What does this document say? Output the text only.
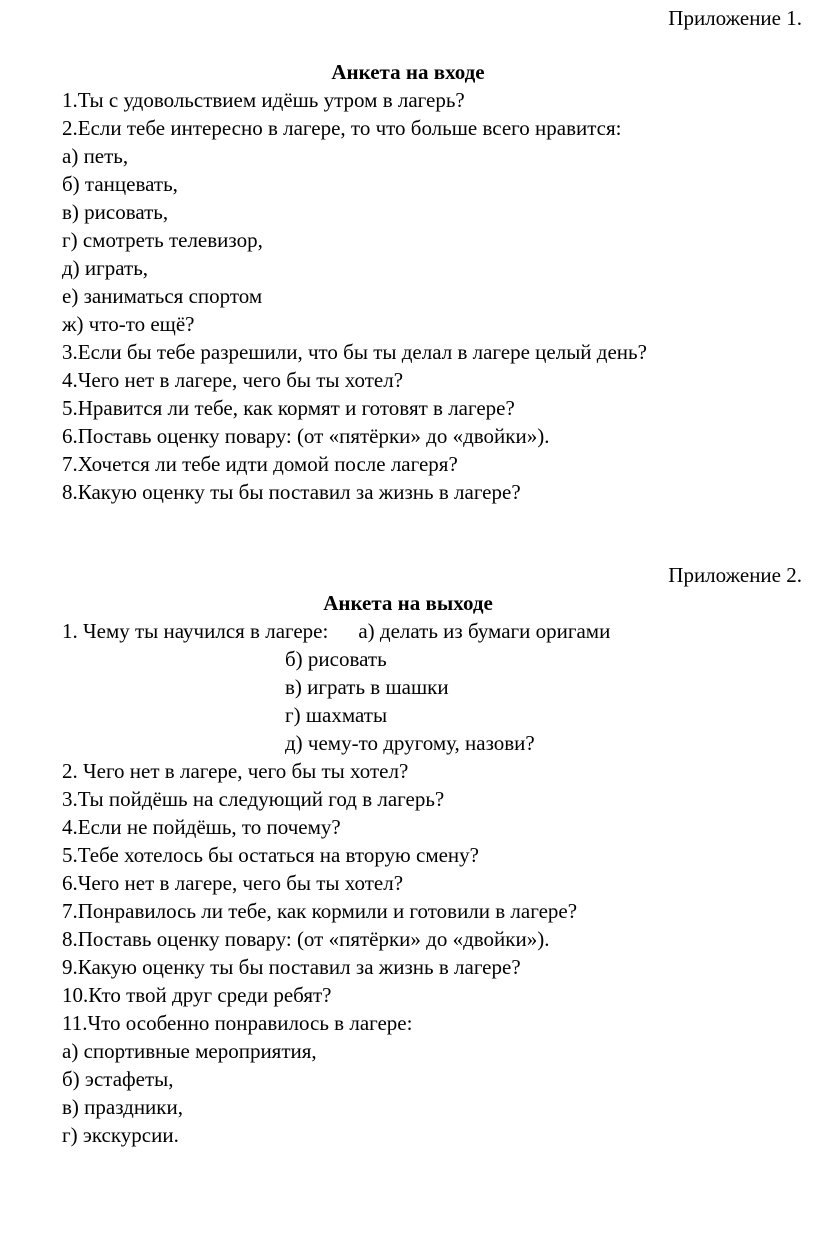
Приложение 1.
Анкета на входе
1.Ты с удовольствием идёшь утром в лагерь?
2.Если тебе интересно в лагере, то что больше всего нравится:
а) петь,
б) танцевать,
в) рисовать,
г) смотреть телевизор,
д) играть,
е) заниматься спортом
ж) что-то ещё?
3.Если бы тебе разрешили, что бы ты делал в лагере целый день?
4.Чего нет в лагере, чего бы ты хотел?
5.Нравится ли тебе, как кормят и готовят в лагере?
6.Поставь оценку повару: (от «пятёрки» до «двойки»).
7.Хочется ли тебе идти домой после лагеря?
8.Какую оценку ты бы поставил за жизнь в лагере?
Приложение 2.
Анкета на выходе
1. Чему ты научился в лагере: а) делать из бумаги оригами
б) рисовать
в) играть в шашки
г) шахматы
д) чему-то другому, назови?
2. Чего нет в лагере, чего бы ты хотел?
3.Ты пойдёшь на следующий год в лагерь?
4.Если не пойдёшь, то почему?
5.Тебе хотелось бы остаться на вторую смену?
6.Чего нет в лагере, чего бы ты хотел?
7.Понравилось ли тебе, как кормили и готовили в лагере?
8.Поставь оценку повару: (от «пятёрки» до «двойки»).
9.Какую оценку ты бы поставил за жизнь в лагере?
10.Кто твой друг среди ребят?
11.Что особенно понравилось в лагере:
а) спортивные мероприятия,
б) эстафеты,
в) праздники,
г) экскурсии.
